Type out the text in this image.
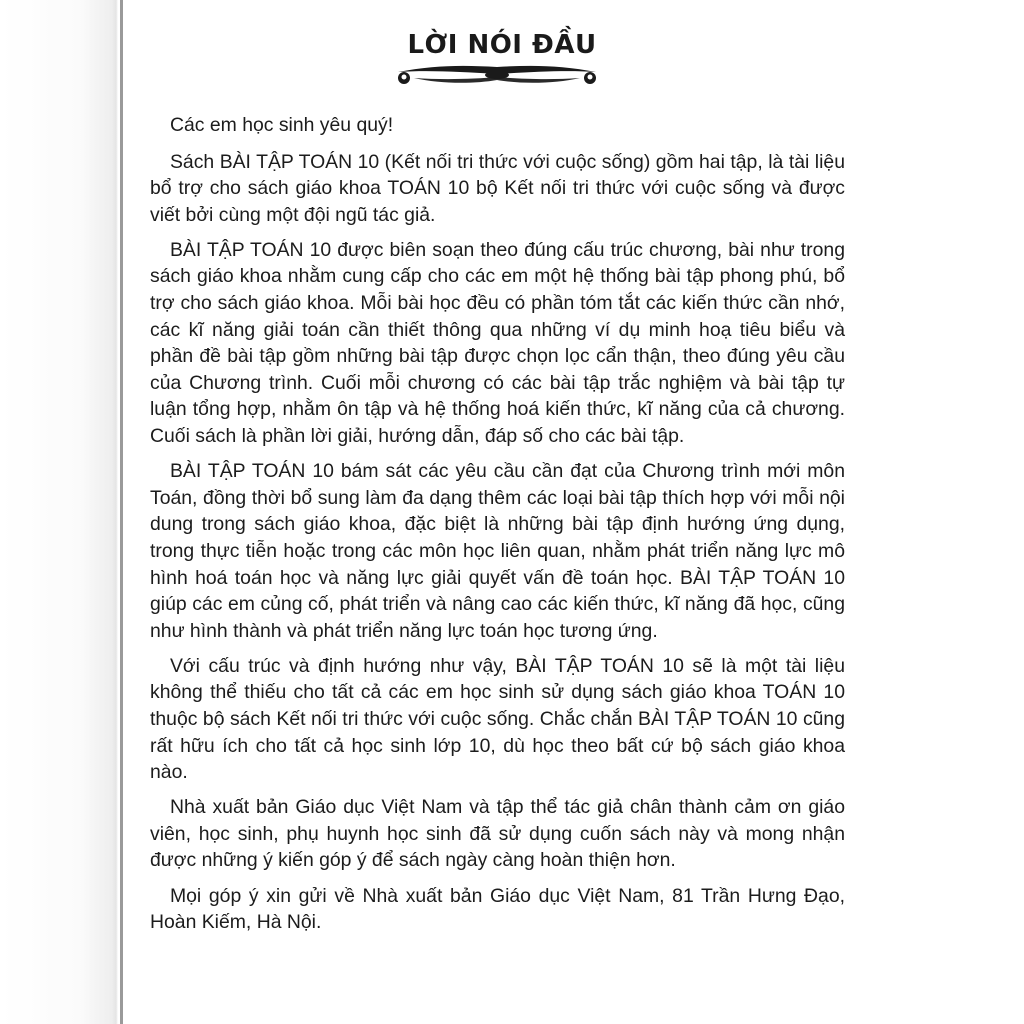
LỜI NÓI ĐẦU

Các em học sinh yêu quý!

Sách BÀI TẬP TOÁN 10 (Kết nối tri thức với cuộc sống) gồm hai tập, là tài liệu bổ trợ cho sách giáo khoa TOÁN 10 bộ Kết nối tri thức với cuộc sống và được viết bởi cùng một đội ngũ tác giả.

BÀI TẬP TOÁN 10 được biên soạn theo đúng cấu trúc chương, bài như trong sách giáo khoa nhằm cung cấp cho các em một hệ thống bài tập phong phú, bổ trợ cho sách giáo khoa. Mỗi bài học đều có phần tóm tắt các kiến thức cần nhớ, các kĩ năng giải toán cần thiết thông qua những ví dụ minh hoạ tiêu biểu và phần đề bài tập gồm những bài tập được chọn lọc cẩn thận, theo đúng yêu cầu của Chương trình. Cuối mỗi chương có các bài tập trắc nghiệm và bài tập tự luận tổng hợp, nhằm ôn tập và hệ thống hoá kiến thức, kĩ năng của cả chương. Cuối sách là phần lời giải, hướng dẫn, đáp số cho các bài tập.

BÀI TẬP TOÁN 10 bám sát các yêu cầu cần đạt của Chương trình mới môn Toán, đồng thời bổ sung làm đa dạng thêm các loại bài tập thích hợp với mỗi nội dung trong sách giáo khoa, đặc biệt là những bài tập định hướng ứng dụng, trong thực tiễn hoặc trong các môn học liên quan, nhằm phát triển năng lực mô hình hoá toán học và năng lực giải quyết vấn đề toán học. BÀI TẬP TOÁN 10 giúp các em củng cố, phát triển và nâng cao các kiến thức, kĩ năng đã học, cũng như hình thành và phát triển năng lực toán học tương ứng.

Với cấu trúc và định hướng như vậy, BÀI TẬP TOÁN 10 sẽ là một tài liệu không thể thiếu cho tất cả các em học sinh sử dụng sách giáo khoa TOÁN 10 thuộc bộ sách Kết nối tri thức với cuộc sống. Chắc chắn BÀI TẬP TOÁN 10 cũng rất hữu ích cho tất cả học sinh lớp 10, dù học theo bất cứ bộ sách giáo khoa nào.

Nhà xuất bản Giáo dục Việt Nam và tập thể tác giả chân thành cảm ơn giáo viên, học sinh, phụ huynh học sinh đã sử dụng cuốn sách này và mong nhận được những ý kiến góp ý để sách ngày càng hoàn thiện hơn.

Mọi góp ý xin gửi về Nhà xuất bản Giáo dục Việt Nam, 81 Trần Hưng Đạo, Hoàn Kiếm, Hà Nội.
